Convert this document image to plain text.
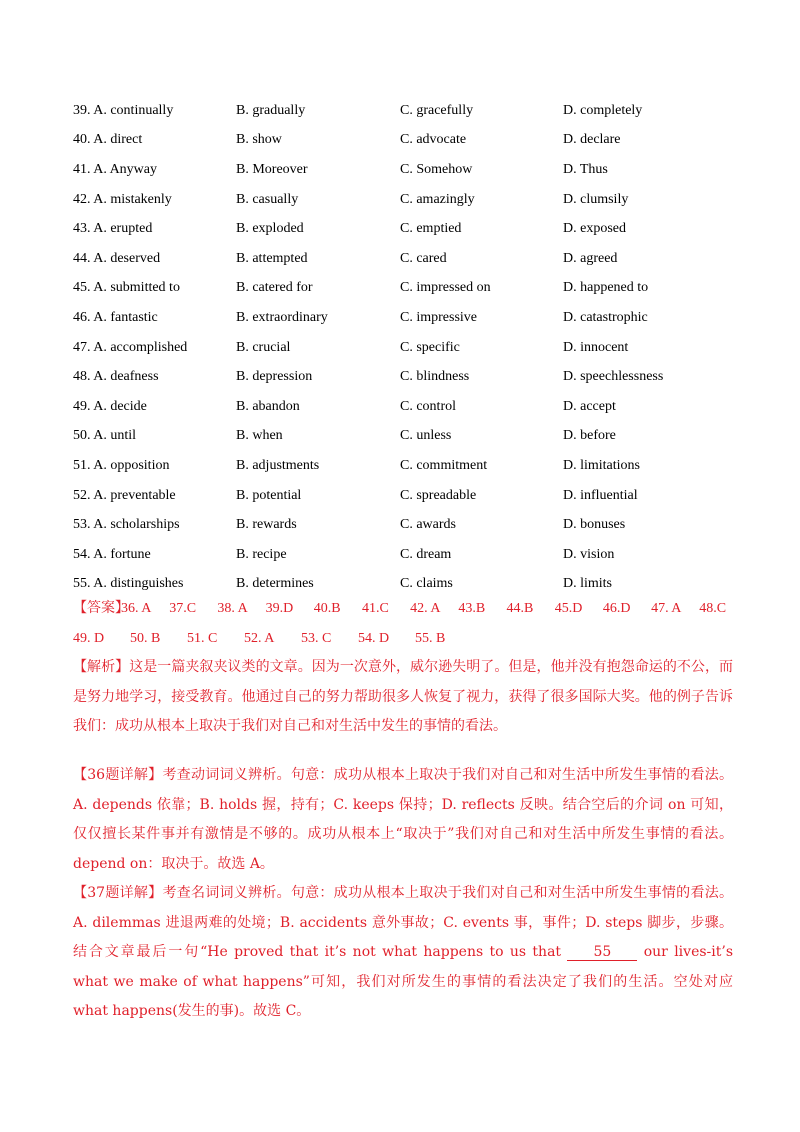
39. A. continually	B. gradually	C. gracefully	D. completely
40. A. direct	B. show	C. advocate	D. declare
41. A. Anyway	B. Moreover	C. Somehow	D. Thus
42. A. mistakenly	B. casually	C. amazingly	D. clumsily
43. A. erupted	B. exploded	C. emptied	D. exposed
44. A. deserved	B. attempted	C. cared	D. agreed
45. A. submitted to	B. catered for	C. impressed on	D. happened to
46. A. fantastic	B. extraordinary	C. impressive	D. catastrophic
47. A. accomplished	B. crucial	C. specific	D. innocent
48. A. deafness	B. depression	C. blindness	D. speechlessness
49. A. decide	B. abandon	C. control	D. accept
50. A. until	B. when	C. unless	D. before
51. A. opposition	B. adjustments	C. commitment	D. limitations
52. A. preventable	B. potential	C. spreadable	D. influential
53. A. scholarships	B. rewards	C. awards	D. bonuses
54. A. fortune	B. recipe	C. dream	D. vision
55. A. distinguishes	B. determines	C. claims	D. limits
【答案】
36. A	37.C	38. A	39.D	40.B	41.C	42. A	43.B	44.B	45.D	46.D	47. A	48.C
49. D	50. B	51. C	52. A	53. C	54. D	55. B
【解析】这是一篇夹叙夹议类的文章。因为一次意外，威尔逊失明了。但是，他并没有抱怨命运的不公，而是努力地学习，接受教育。他通过自己的努力帮助很多人恢复了视力，获得了很多国际大奖。他的例子告诉我们：成功从根本上取决于我们对自己和对生活中发生的事情的看法。
【36题详解】考查动词词义辨析。句意：成功从根本上取决于我们对自己和对生活中所发生事情的看法。A. depends 依靠；B. holds 握，持有；C. keeps 保持；D. reflects 反映。结合空后的介词 on 可知，仅仅擅长某件事并有激情是不够的。成功从根本上“取决于”我们对自己和对生活中所发生事情的看法。depend on：取决于。故选 A。
【37题详解】考查名词词义辨析。句意：成功从根本上取决于我们对自己和对生活中所发生事情的看法。A. dilemmas 进退两难的处境；B. accidents 意外事故；C. events 事，事件；D. steps 脚步，步骤。结合文章最后一句“He proved that it’s not what happens to us that 55 our lives-it’s what we make of what happens”可知，我们对所发生的事情的看法决定了我们的生活。空处对应 what happens(发生的事)。故选 C。
